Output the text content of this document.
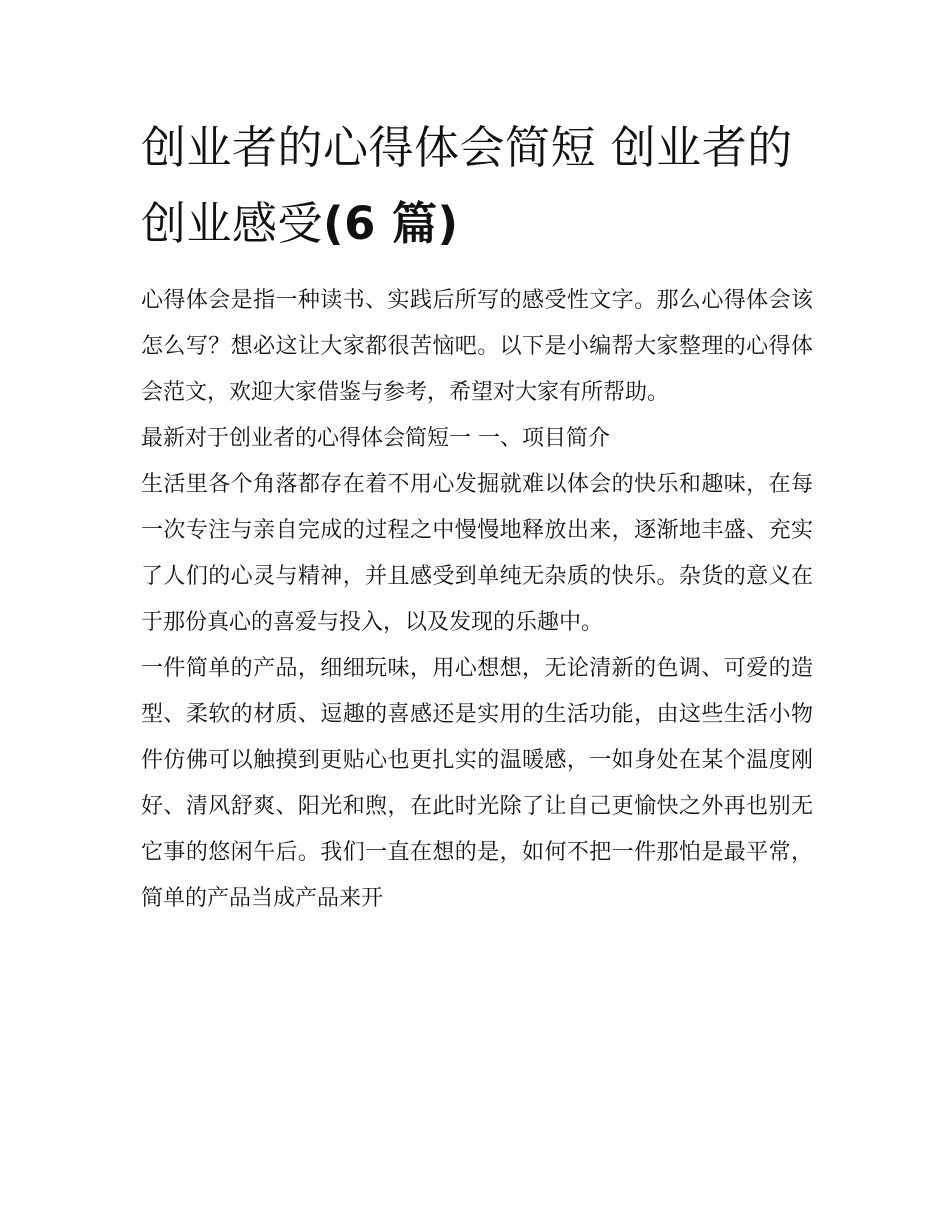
创业者的心得体会简短 创业者的创业感受(6 篇)

心得体会是指一种读书、实践后所写的感受性文字。那么心得体会该怎么写？想必这让大家都很苦恼吧。以下是小编帮大家整理的心得体会范文，欢迎大家借鉴与参考，希望对大家有所帮助。

最新对于创业者的心得体会简短一 一、项目简介

生活里各个角落都存在着不用心发掘就难以体会的快乐和趣味，在每一次专注与亲自完成的过程之中慢慢地释放出来，逐渐地丰盛、充实了人们的心灵与精神，并且感受到单纯无杂质的快乐。杂货的意义在于那份真心的喜爱与投入，以及发现的乐趣中。

一件简单的产品，细细玩味，用心想想，无论清新的色调、可爱的造型、柔软的材质、逗趣的喜感还是实用的生活功能，由这些生活小物件仿佛可以触摸到更贴心也更扎实的温暖感，一如身处在某个温度刚好、清风舒爽、阳光和煦，在此时光除了让自己更愉快之外再也别无它事的悠闲午后。我们一直在想的是，如何不把一件那怕是最平常，简单的产品当成产品来开
